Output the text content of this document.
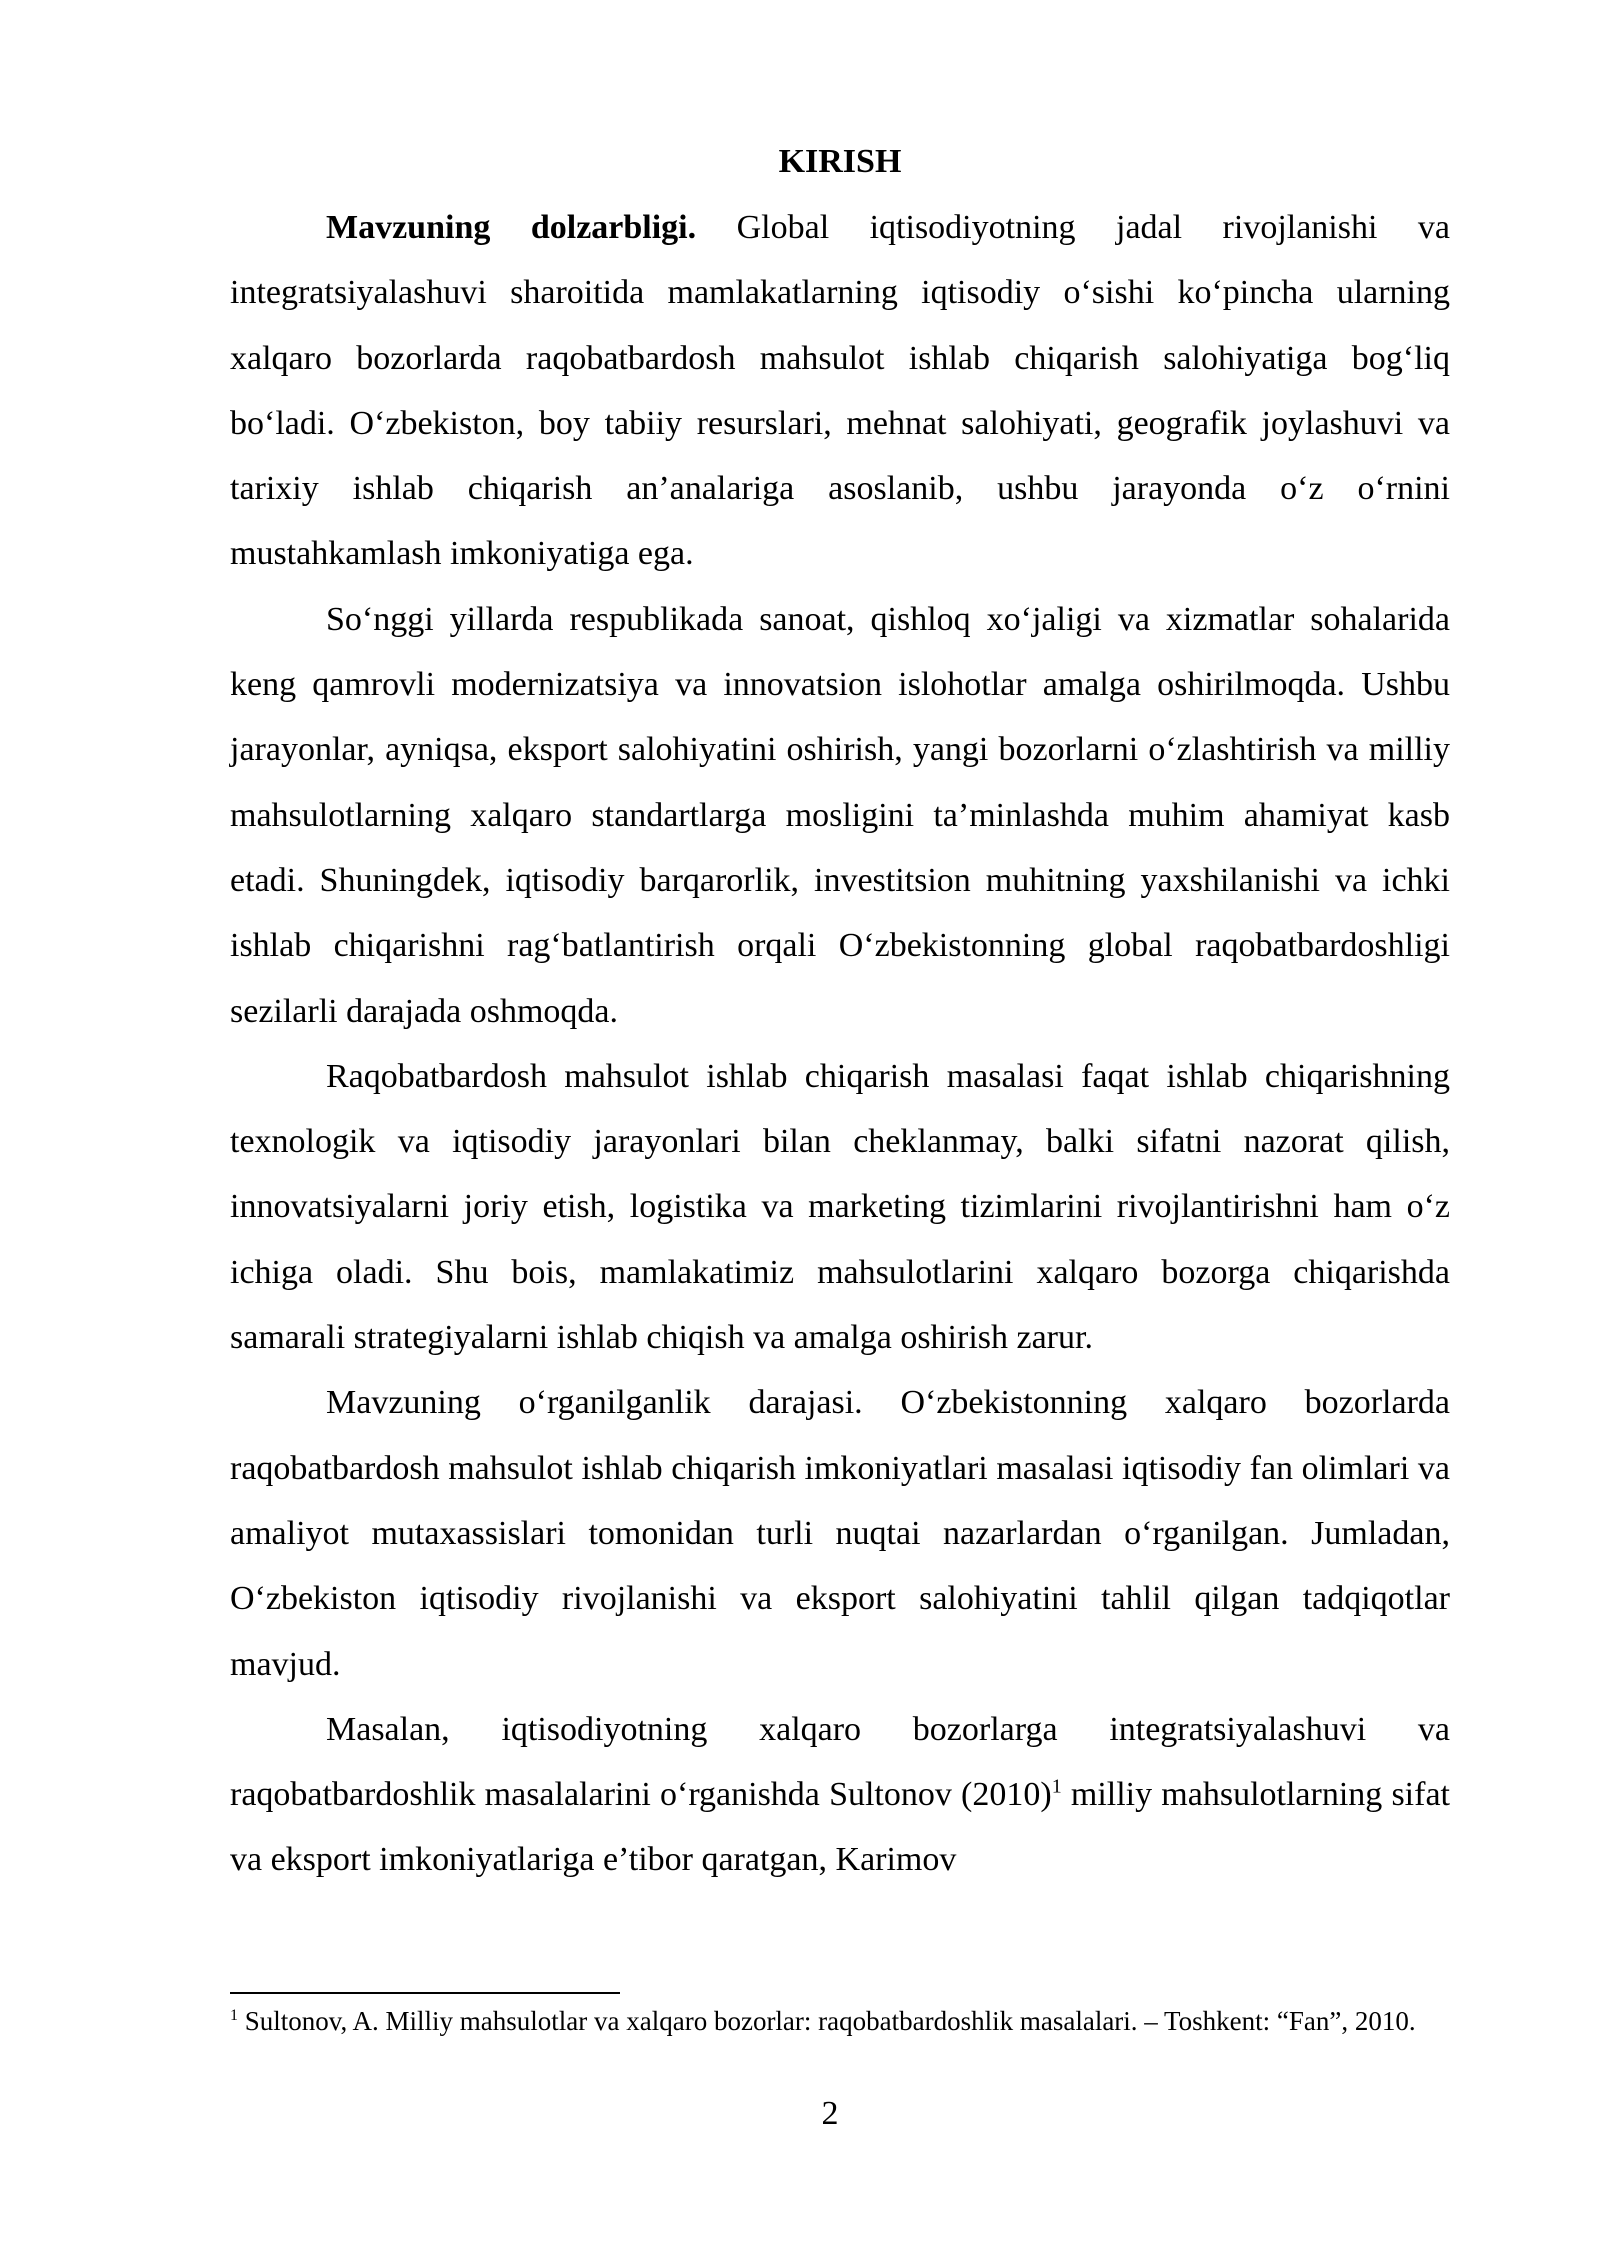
KIRISH

Mavzuning dolzarbligi. Global iqtisodiyotning jadal rivojlanishi va integratsiyalashuvi sharoitida mamlakatlarning iqtisodiy o‘sishi ko‘pincha ularning xalqaro bozorlarda raqobatbardosh mahsulot ishlab chiqarish salohiyatiga bog‘liq bo‘ladi. O‘zbekiston, boy tabiiy resurslari, mehnat salohiyati, geografik joylashuvi va tarixiy ishlab chiqarish an’analariga asoslanib, ushbu jarayonda o‘z o‘rnini mustahkamlash imkoniyatiga ega.

So‘nggi yillarda respublikada sanoat, qishloq xo‘jaligi va xizmatlar sohalarida keng qamrovli modernizatsiya va innovatsion islohotlar amalga oshirilmoqda. Ushbu jarayonlar, ayniqsa, eksport salohiyatini oshirish, yangi bozorlarni o‘zlashtirish va milliy mahsulotlarning xalqaro standartlarga mosligini ta’minlashda muhim ahamiyat kasb etadi. Shuningdek, iqtisodiy barqarorlik, investitsion muhitning yaxshilanishi va ichki ishlab chiqarishni rag‘batlantirish orqali O‘zbekistonning global raqobatbardoshligi sezilarli darajada oshmoqda.

Raqobatbardosh mahsulot ishlab chiqarish masalasi faqat ishlab chiqarishning texnologik va iqtisodiy jarayonlari bilan cheklanmay, balki sifatni nazorat qilish, innovatsiyalarni joriy etish, logistika va marketing tizimlarini rivojlantirishni ham o‘z ichiga oladi. Shu bois, mamlakatimiz mahsulotlarini xalqaro bozorga chiqarishda samarali strategiyalarni ishlab chiqish va amalga oshirish zarur.

Mavzuning o‘rganilganlik darajasi. O‘zbekistonning xalqaro bozorlarda raqobatbardosh mahsulot ishlab chiqarish imkoniyatlari masalasi iqtisodiy fan olimlari va amaliyot mutaxassislari tomonidan turli nuqtai nazarlardan o‘rganilgan. Jumladan, O‘zbekiston iqtisodiy rivojlanishi va eksport salohiyatini tahlil qilgan tadqiqotlar mavjud.

Masalan, iqtisodiyotning xalqaro bozorlarga integratsiyalashuvi va raqobatbardoshlik masalalarini o‘rganishda Sultonov $(2010)^1$ milliy mahsulotlarning sifat va eksport imkoniyatlariga e’tibor qaratgan, Karimov

$^1$ Sultonov, A. Milliy mahsulotlar va xalqaro bozorlar: raqobatbardoshlik masalalari. – Toshkent: “Fan”, 2010.
2
